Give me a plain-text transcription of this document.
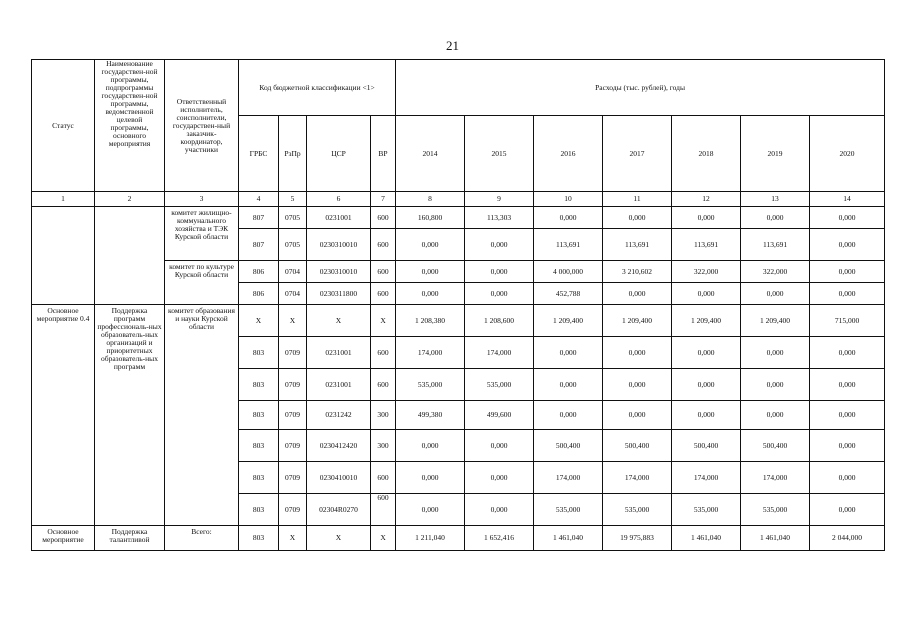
21
Статус	Наименование государствен-ной программы, подпрограммы государствен-ной программы, ведомственной целевой программы, основного мероприятия	Ответственный исполнитель, соисполнители, государствен-ный заказчик-координатор, участники	Код бюджетной классификации <1>				Расходы (тыс. рублей), годы						
			ГРБС	РзПр	ЦСР	ВР	2014	2015	2016	2017	2018	2019	2020
1	2	3	4	5	6	7	8	9	10	11	12	13	14

		комитет жилищно-коммунального хозяйства и ТЭК Курской области	807	0705	0231001	600	160,800	113,303	0,000	0,000	0,000	0,000	0,000
			807	0705	0230310010	600	0,000	0,000	113,691	113,691	113,691	113,691	0,000

		комитет по культуре Курской области	806	0704	0230310010	600	0,000	0,000	4 000,000	3 210,602	322,000	322,000	0,000
			806	0704	0230311800	600	0,000	0,000	452,788	0,000	0,000	0,000	0,000

Основное мероприятие 0.4	Поддержка программ профессиональ-ных образователь-ных организаций и приоритетных образователь-ных программ	комитет образования и науки Курской области	Х	Х	Х	Х	1 208,380	1 208,600	1 209,400	1 209,400	1 209,400	1 209,400	715,000
			803	0709	0231001	600	174,000	174,000	0,000	0,000	0,000	0,000	0,000
			803	0709	0231001	600	535,000	535,000	0,000	0,000	0,000	0,000	0,000
			803	0709	0231242	300	499,380	499,600	0,000	0,000	0,000	0,000	0,000
			803	0709	0230412420	300	0,000	0,000	500,400	500,400	500,400	500,400	0,000
			803	0709	0230410010	600	0,000	0,000	174,000	174,000	174,000	174,000	0,000
			803	0709	02304R0270	600	0,000	0,000	535,000	535,000	535,000	535,000	0,000

Основное мероприятие	Поддержка талантливой	Всего:	803	Х	Х	Х	1 211,040	1 652,416	1 461,040	19 975,883	1 461,040	1 461,040	2 044,000
